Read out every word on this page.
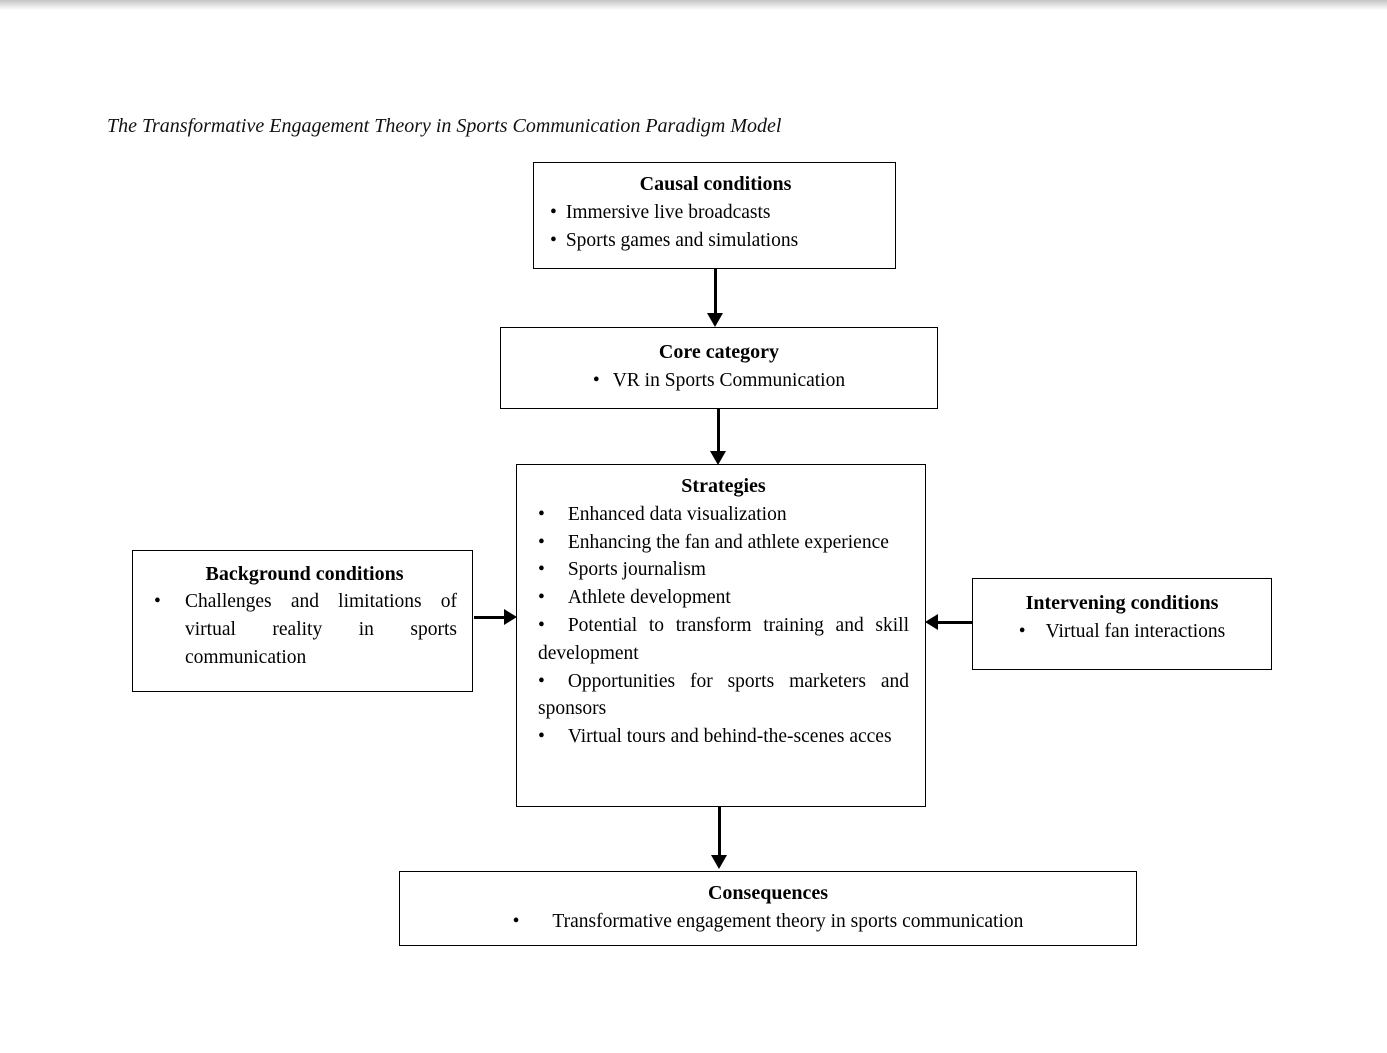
The Transformative Engagement Theory in Sports Communication Paradigm Model
Causal conditions
• Immersive live broadcasts
• Sports games and simulations
Core category
• VR in Sports Communication
Strategies
• Enhanced data visualization
• Enhancing the fan and athlete experience
• Sports journalism
• Athlete development
• Potential to transform training and skill development
• Opportunities for sports marketers and sponsors
• Virtual tours and behind-the-scenes acces
Background conditions
•	Challenges and limitations of virtual reality in sports communication
Intervening conditions
• Virtual fan interactions
Consequences
• Transformative engagement theory in sports communication
